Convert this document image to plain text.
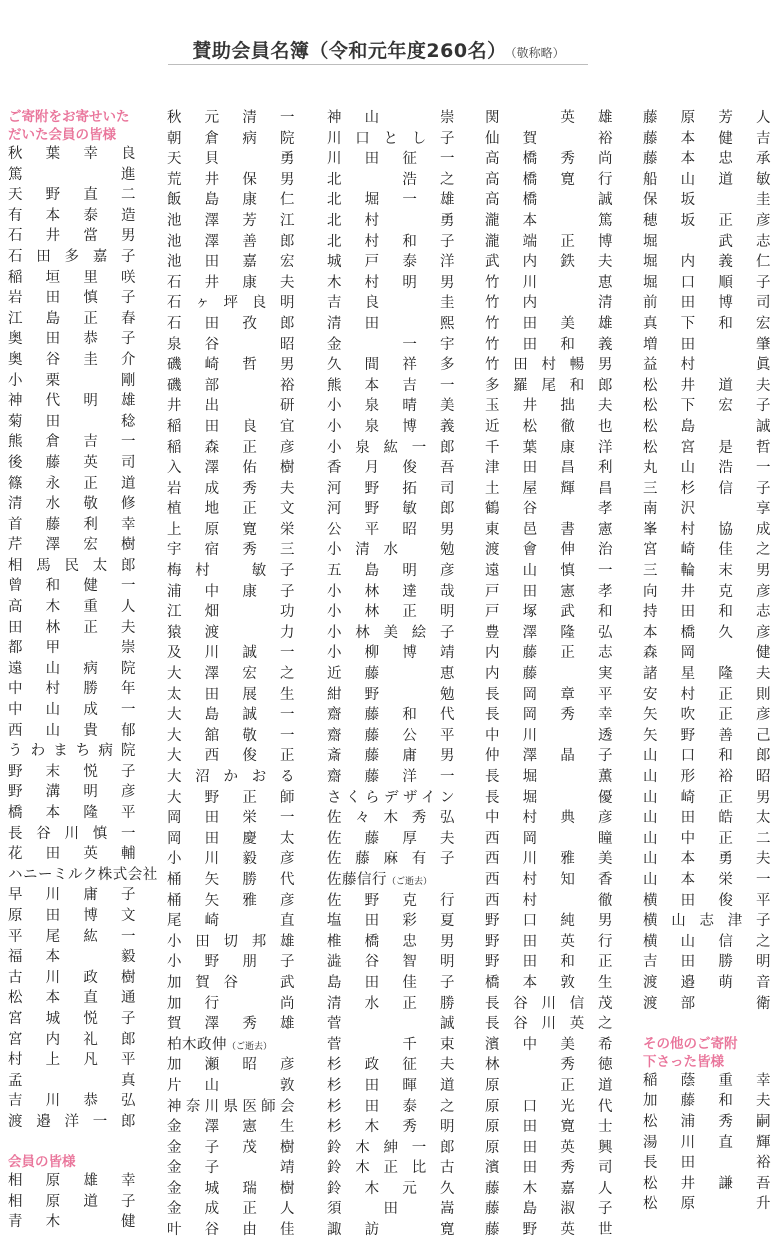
賛助会員名簿（令和元年度260名） （敬称略）
ご寄附をお寄せいた
だいた会員の皆様
秋葉幸良
篤　　進
天野直二
有本泰造
石井當男
石田多嘉子
稲垣里咲
岩田慎子
江島正春
奥田恭子
奥谷圭介
小栗　剛
神代明雄
菊田　稔
熊倉吉一
後藤英司
篠永正道
清水敬修
首藤利幸
芹澤宏樹
相馬民太郎
曾和健一
高木重人
田林正夫
都甲　崇
遠山病院
中村勝年
中山成一
西山貴郁
うわまち病院
野末悦子
野溝明彦
橋本隆平
長谷川慎一
花田英輔
ハニーミルク株式会社
早川庸子
原田博文
平尾紘一
福本　毅
古川政樹
松本直通
宮城悦子
宮内礼郎
村上凡平
孟　　真
吉川恭弘
渡邉洋一郎
会員の皆様
相原雄幸
相原道子
青木　健
秋元清一
朝倉病院
天貝　勇
荒井保男
飯島康仁
池澤芳江
池澤善郎
池田嘉宏
石井康夫
石ヶ坪良明
石田孜郎
泉谷　昭
磯崎哲男
磯部　裕
井出　研
稲田良宜
稲森正彦
入澤佑樹
岩成秀夫
植地正文
上原寛栄
宇宿秀三
梅村　敏子
浦中康子
江畑　功
猿渡　力
及川誠一
大澤宏之
太田展生
大島誠一
大舘敬一
大西俊正
大沼かおる
大野正師
岡田栄一
岡田慶太
小川毅彦
桶矢勝代
桶矢雅彦
尾崎　直
小田切邦雄
小野朋子
加賀谷　武
加行　尚
賀澤秀雄
柏木政伸（ご逝去）
加瀬昭彦
片山　敦
神奈川県医師会
金澤憲生
金子茂樹
金子　靖
金城瑞樹
金成正人
叶谷由佳
神山　崇
川口とし子
川田征一
北　浩之
北堀一雄
北村　勇
北村和子
城戸泰洋
木村明男
吉良　圭
清田　熙
金　一宇
久間祥多
熊本吉一
小泉晴美
小泉博義
小泉紘一郎
香月俊吾
河野拓司
河野敏郎
公平昭男
小清水　勉
五島明彦
小林達哉
小林正明
小林美絵子
小柳博靖
近藤　恵
紺野　勉
齋藤和代
齋藤公平
斎藤庸男
齋藤洋一
さくらデザイン
佐々木秀弘
佐藤厚夫
佐藤麻有子
佐藤信行（ご逝去）
佐野克行
塩田彩夏
椎橋忠男
澁谷智明
島田佳子
清水正勝
菅　誠
菅　千束
杉政征夫
杉田暉道
杉田泰之
杉木秀明
鈴木紳一郎
鈴木正比古
鈴木元久
須田嵩
諏訪　寛
関　英雄
仙賀　裕
高橋秀尚
高橋寛行
高橋　誠
瀧本　篤
瀧端正博
武内鉄夫
竹川　恵
竹内　清
竹田美雄
竹田和義
竹田村暢男
多羅尾和郎
玉井拙夫
近松徹也
千葉康洋
津田昌利
土屋輝昌
鶴谷　孝
東邑書憲
渡會伸治
遠山慎一
戸田憲孝
戸塚武和
豊澤隆弘
内藤正志
内藤　実
長岡章平
長岡秀幸
中川　透
仲澤晶子
長堀　薫
長堀　優
中村典彦
西岡　瞳
西川雅美
西村知香
西村　徹
野口純男
野田英行
野田和正
橋本敦生
長谷川信茂
長谷川英之
濱中美希
林　秀徳
原　正道
原口光代
原田寛士
原田英興
濱田秀司
藤木嘉人
藤島淑子
藤野英世
藤原芳人
藤本健吉
藤本忠承
船山道敏
保坂　圭
穂坂正彦
堀　武志
堀内義仁
堀口順子
前田博司
真下和宏
増田　肇
益村　眞
松井道夫
松下宏子
松島　誠
松宮是哲
丸山浩一
三杉信子
南沢　享
峯村協成
宮崎佳之
三輪末男
向井克彦
持田和志
本橋久彦
森岡　健
諸星隆夫
安村正則
矢吹正彦
矢野善己
山口和郎
山形裕昭
山崎正男
山田皓太
山中正二
山本勇夫
山本栄一
横田俊平
横山志津子
横山信之
吉田勝明
渡邉萌音
渡部　衛
その他のご寄附
下さった皆様
稲蔭重幸
加藤和夫
松浦秀嗣
湯川直輝
長田　裕
松井謙吾
松原　升
